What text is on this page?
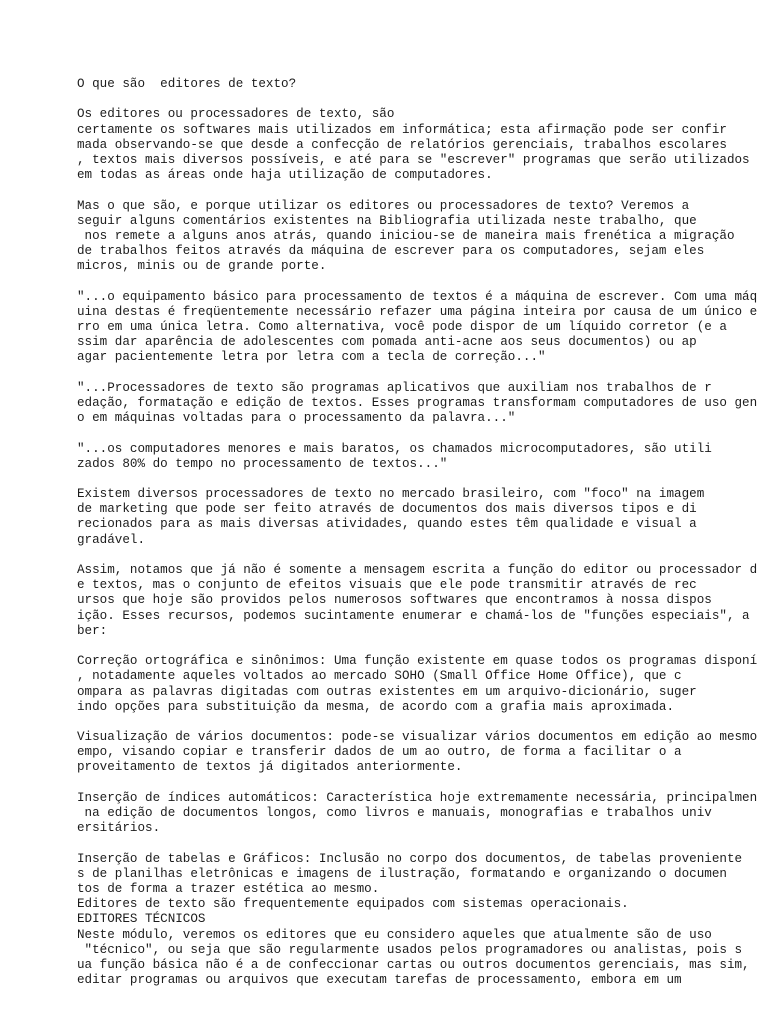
O que são  editores de texto?
Os editores ou processadores de texto, são
certamente os softwares mais utilizados em informática; esta afirmação pode ser confir
mada observando-se que desde a confecção de relatórios gerenciais, trabalhos escolares
, textos mais diversos possíveis, e até para se "escrever" programas que serão utilizados
em todas as áreas onde haja utilização de computadores.
Mas o que são, e porque utilizar os editores ou processadores de texto? Veremos a
seguir alguns comentários existentes na Bibliografia utilizada neste trabalho, que
nos remete a alguns anos atrás, quando iniciou-se de maneira mais frenética a migração
de trabalhos feitos através da máquina de escrever para os computadores, sejam eles
micros, minis ou de grande porte.
"...o equipamento básico para processamento de textos é a máquina de escrever. Com uma máq
uina destas é freqüentemente necessário refazer uma página inteira por causa de um único e
rro em uma única letra. Como alternativa, você pode dispor de um líquido corretor (e a
ssim dar aparência de adolescentes com pomada anti-acne aos seus documentos) ou ap
agar pacientemente letra por letra com a tecla de correção..."
"...Processadores de texto são programas aplicativos que auxiliam nos trabalhos de r
edação, formatação e edição de textos. Esses programas transformam computadores de uso gen
o em máquinas voltadas para o processamento da palavra..."
"...os computadores menores e mais baratos, os chamados microcomputadores, são utili
zados 80% do tempo no processamento de textos..."
Existem diversos processadores de texto no mercado brasileiro, com "foco" na imagem
de marketing que pode ser feito através de documentos dos mais diversos tipos e di
recionados para as mais diversas atividades, quando estes têm qualidade e visual a
gradável.
Assim, notamos que já não é somente a mensagem escrita a função do editor ou processador d
e textos, mas o conjunto de efeitos visuais que ele pode transmitir através de rec
ursos que hoje são providos pelos numerosos softwares que encontramos à nossa dispos
ição. Esses recursos, podemos sucintamente enumerar e chamá-los de "funções especiais", a
ber:
Correção ortográfica e sinônimos: Uma função existente em quase todos os programas disponí
, notadamente aqueles voltados ao mercado SOHO (Small Office Home Office), que c
ompara as palavras digitadas com outras existentes em um arquivo-dicionário, suger
indo opções para substituição da mesma, de acordo com a grafia mais aproximada.
Visualização de vários documentos: pode-se visualizar vários documentos em edição ao mesmo
empo, visando copiar e transferir dados de um ao outro, de forma a facilitar o a
proveitamento de textos já digitados anteriormente.
Inserção de índices automáticos: Característica hoje extremamente necessária, principalmen
na edição de documentos longos, como livros e manuais, monografias e trabalhos univ
ersitários.
Inserção de tabelas e Gráficos: Inclusão no corpo dos documentos, de tabelas proveniente
s de planilhas eletrônicas e imagens de ilustração, formatando e organizando o documen
tos de forma a trazer estética ao mesmo.
Editores de texto são frequentemente equipados com sistemas operacionais.
EDITORES TÉCNICOS
Neste módulo, veremos os editores que eu considero aqueles que atualmente são de uso
"técnico", ou seja que são regularmente usados pelos programadores ou analistas, pois s
ua função básica não é a de confeccionar cartas ou outros documentos gerenciais, mas sim,
editar programas ou arquivos que executam tarefas de processamento, embora em um
